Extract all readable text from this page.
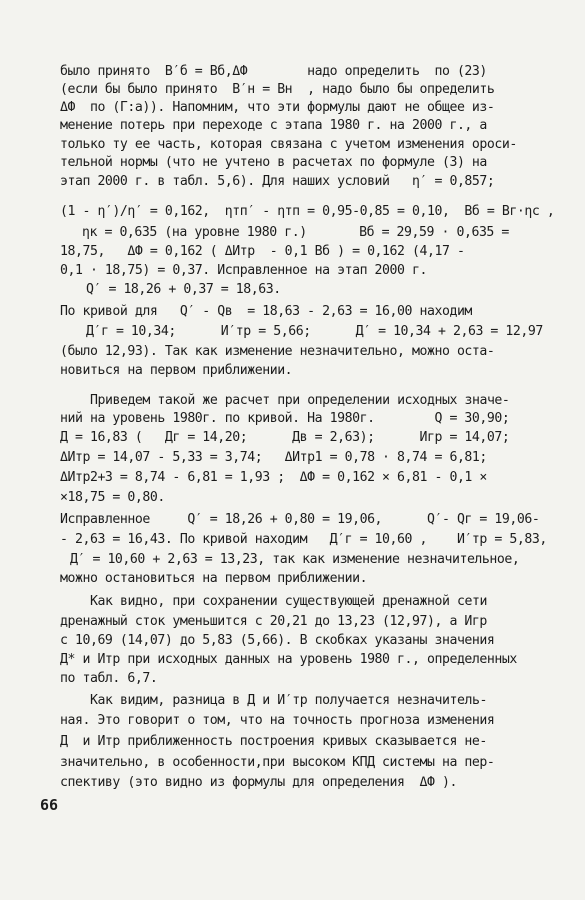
было принято  B′б = Bб,ΔФ        надо определить  по (23)
(если бы было принято  B′н = Bн  , надо было бы определить
ΔФ  по (Г:а)). Напомним, что эти формулы дают не общее из-
менение потерь при переходе с этапа 1980 г. на 2000 г., а
только ту ее часть, которая связана с учетом изменения ороси-
тельной нормы (что не учтено в расчетах по формуле (3) на
этап 2000 г. в табл. 5,6). Для наших условий   η′ = 0,857;
(1 - η′)/η′ = 0,162,  ηтп′ - ηтп = 0,95-0,85 = 0,10,  Bб = Bг·ηс ,
ηк = 0,635 (на уровне 1980 г.)       Bб = 29,59 · 0,635 =
18,75,   ΔФ = 0,162 ( ΔИтр  - 0,1 Bб ) = 0,162 (4,17 -
0,1 · 18,75) = 0,37. Исправленное на этап 2000 г.
Q′ = 18,26 + 0,37 = 18,63.
По кривой для   Q′ - Qв  = 18,63 - 2,63 = 16,00 находим
Д′г = 10,34;      И′тр = 5,66;      Д′ = 10,34 + 2,63 = 12,97
(было 12,93). Так как изменение незначительно, можно оста-
новиться на первом приближении.
Приведем такой же расчет при определении исходных значе-
ний на уровень 1980г. по кривой. На 1980г.        Q = 30,90;
Д = 16,83 (   Дг = 14,20;      Дв = 2,63);      Игр = 14,07;
ΔИтр = 14,07 - 5,33 = 3,74;   ΔИтр1 = 0,78 · 8,74 = 6,81;
ΔИтр2+3 = 8,74 - 6,81 = 1,93 ;  ΔФ = 0,162 × 6,81 - 0,1 ×
×18,75 = 0,80.
Исправленное     Q′ = 18,26 + 0,80 = 19,06,      Q′- Qг = 19,06-
- 2,63 = 16,43. По кривой находим   Д′г = 10,60 ,    И′тр = 5,83,
Д′ = 10,60 + 2,63 = 13,23, так как изменение незначительное,
можно остановиться на первом приближении.
Как видно, при сохранении существующей дренажной сети
дренажный сток уменьшится с 20,21 до 13,23 (12,97), а Игр
с 10,69 (14,07) до 5,83 (5,66). В скобках указаны значения
Д* и Итр при исходных данных на уровень 1980 г., определенных
по табл. 6,7.
Как видим, разница в Д и И′тр получается незначитель-
ная. Это говорит о том, что на точность прогноза изменения
Д  и Итр приближенность построения кривых сказывается не-
значительно, в особенности,при высоком КПД системы на пер-
спективу (это видно из формулы для определения  ΔФ ).
66
